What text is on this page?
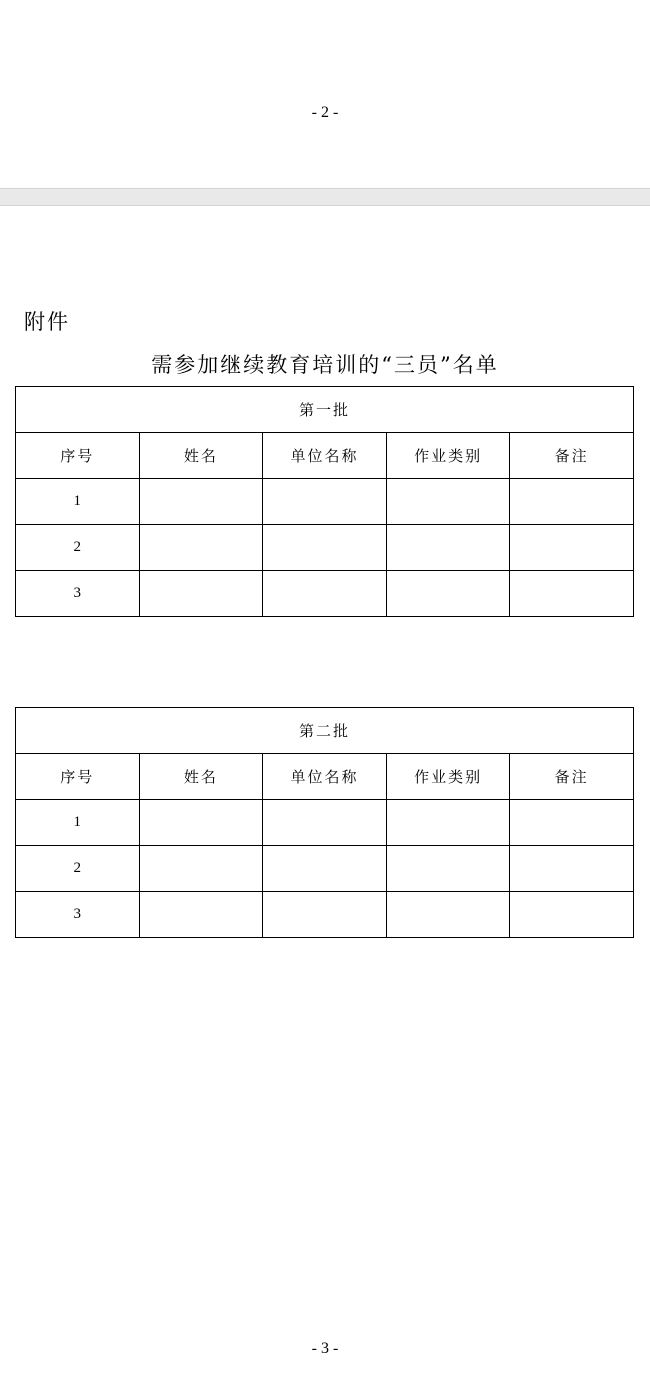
- 2 -
附件
需参加继续教育培训的“三员”名单
第一批				
序号	姓名	单位名称	作业类别	备注
1				
2				
3				
第二批				
序号	姓名	单位名称	作业类别	备注
1				
2				
3				
- 3 -
